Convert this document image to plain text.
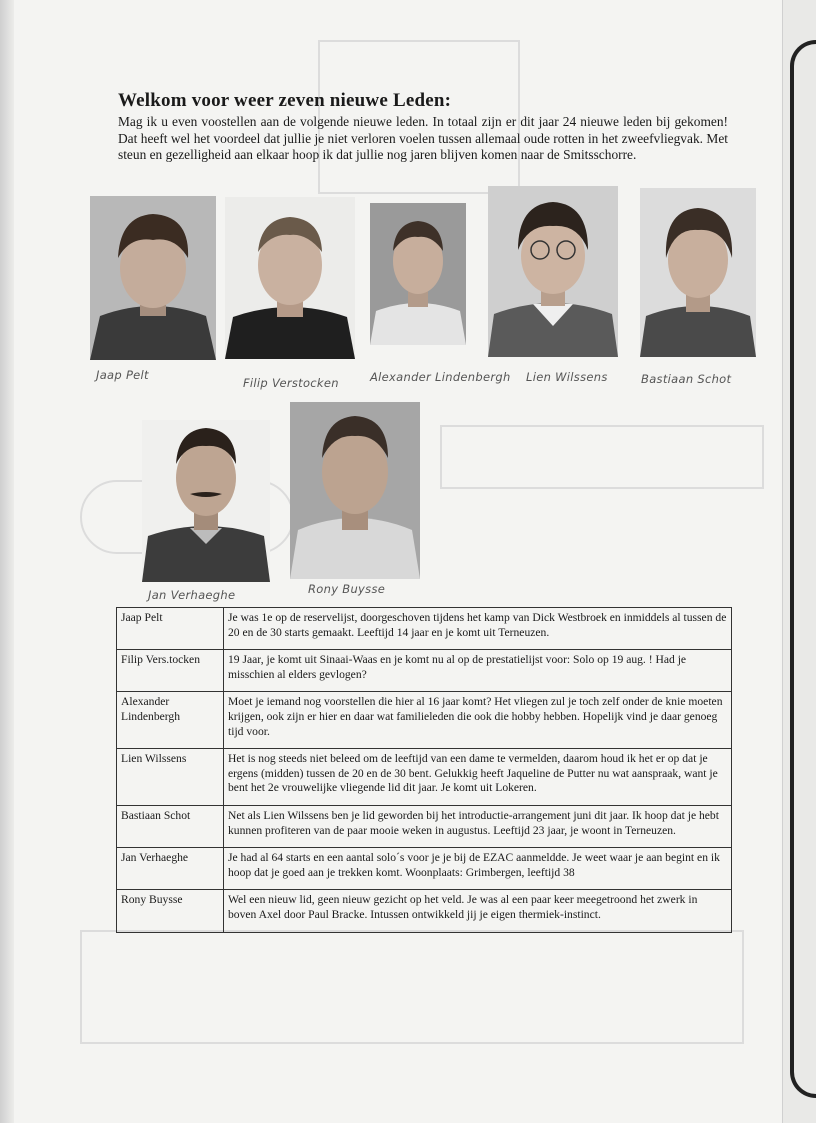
Welkom voor weer zeven nieuwe Leden:

Mag ik u even voostellen aan de volgende nieuwe leden. In totaal zijn er dit jaar 24 nieuwe leden bij gekomen! Dat heeft wel het voordeel dat jullie je niet verloren voelen tussen allemaal oude rotten in het zweefvliegvak. Met steun en gezelligheid aan elkaar hoop ik dat jullie nog jaren blijven komen naar de Smitsschorre.

Jaap Pelt
Filip Verstocken	Alexander Lindenbergh Lien Wilssens	Bastiaan Schot
Jan Verhaeghe	Rony Buysse
Jaap Pelt	Je was 1e op de reservelijst, doorgeschoven tijdens het kamp van Dick Westbroek en inmiddels al tussen de 20 en de 30 starts gemaakt. Leeftijd 14 jaar en je komt uit Terneuzen.
Filip Vers.tocken	19 Jaar, je komt uit Sinaai-Waas en je komt nu al op de prestatielijst voor: Solo op 19 aug. ! Had je misschien al elders gevlogen?
Alexander Lindenbergh	Moet je iemand nog voorstellen die hier al 16 jaar komt? Het vliegen zul je toch zelf onder de knie moeten krijgen, ook zijn er hier en daar wat familieleden die ook die hobby hebben. Hopelijk vind je daar genoeg tijd voor.
Lien Wilssens	Het is nog steeds niet beleed om de leeftijd van een dame te vermelden, daarom houd ik het er op dat je ergens (midden) tussen de 20 en de 30 bent. Gelukkig heeft Jaqueline de Putter nu wat aanspraak, want je bent het 2e vrouwelijke vliegende lid dit jaar. Je komt uit Lokeren.
Bastiaan Schot	Net als Lien Wilssens ben je lid geworden bij het introductie-arrangement juni dit jaar. Ik hoop dat je hebt kunnen profiteren van de paar mooie weken in augustus. Leeftijd 23 jaar, je woont in Terneuzen.
Jan Verhaeghe	Je had al 64 starts en een aantal solo´s voor je je bij de EZAC aanmeldde. Je weet waar je aan begint en ik hoop dat je goed aan je trekken komt. Woonplaats: Grimbergen, leeftijd 38
Rony Buysse	Wel een nieuw lid, geen nieuw gezicht op het veld. Je was al een paar keer meegetroond het zwerk in boven Axel door Paul Bracke. Intussen ontwikkeld jij je eigen thermiek-instinct.
